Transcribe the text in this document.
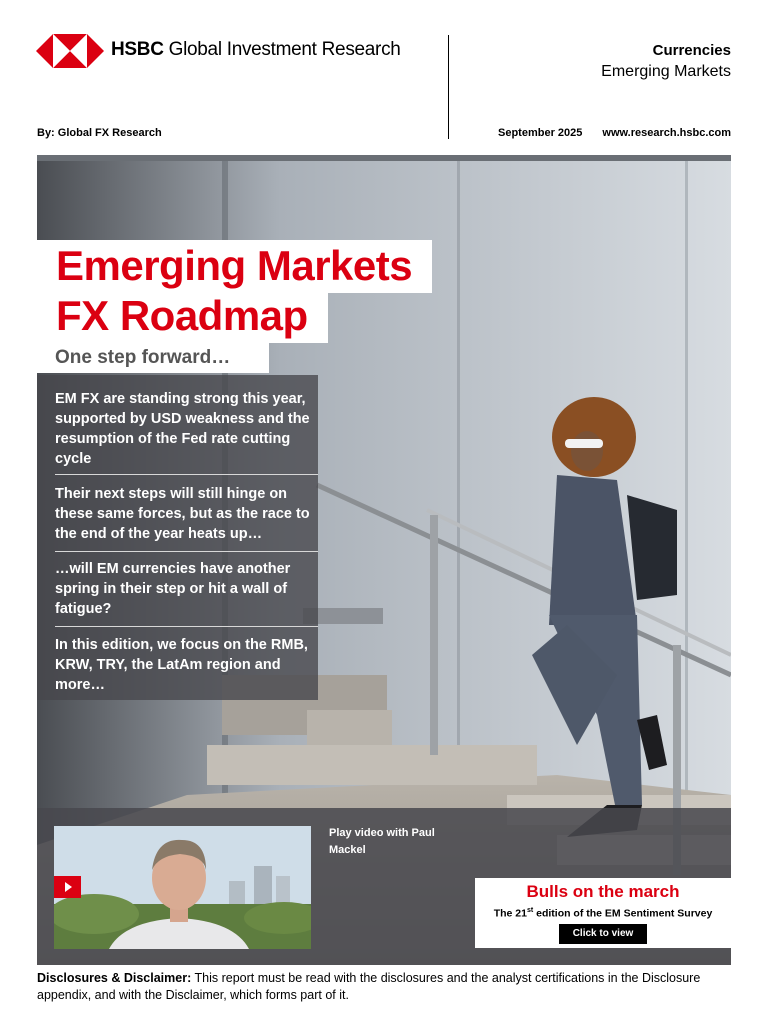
HSBC Global Investment Research	Currencies
Emerging Markets
By: Global FX Research	September 2025 www.research.hsbc.com
Emerging Markets
FX Roadmap
One step forward…
EM FX are standing strong this year, supported by USD weakness and the resumption of the Fed rate cutting cycle
Their next steps will still hinge on these same forces, but as the race to the end of the year heats up…
…will EM currencies have another spring in their step or hit a wall of fatigue?
In this edition, we focus on the RMB, KRW, TRY, the LatAm region and more…
Play video with Paul Mackel
Bulls on the march
The 21st edition of the EM Sentiment Survey
Click to view
Disclosures & Disclaimer: This report must be read with the disclosures and the analyst certifications in the Disclosure appendix, and with the Disclaimer, which forms part of it.
